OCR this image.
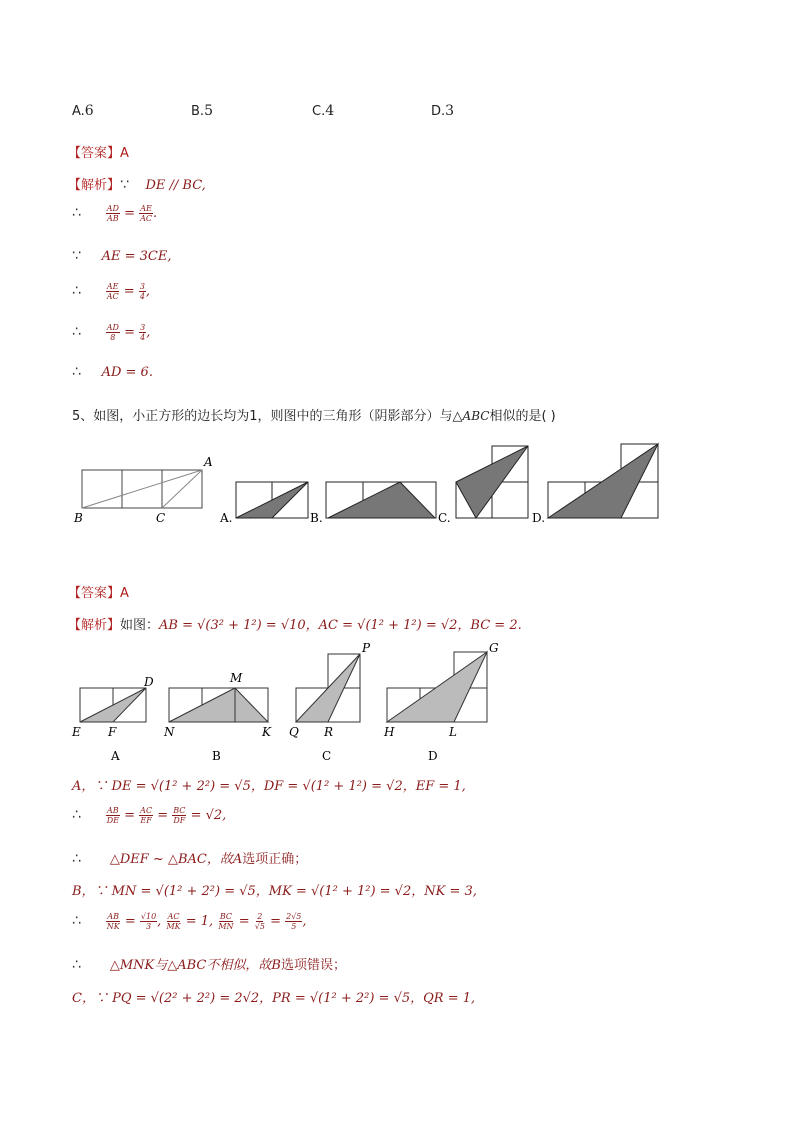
A.6	B.5	C.4	D.3
【答案】A
【解析】∵ DE // BC,
∴	$\frac{AD}{AB} = \frac{AE}{AC}$ .
∵ AE = 3CE,
∴	$\frac{AE}{AC} = \frac{3}{4}$ ,
∴	$\frac{AD}{8} = \frac{3}{4}$ ,
∴ AD = 6.
5、如图，小正方形的边长均为1，则图中的三角形（阴影部分）与△ABC相似的是( )
A
B	C	A.	B.	C.	D.
【答案】A
【解析】如图：AB = √(3² + 1²) = √10，AC = √(1² + 1²) = √2，BC = 2.
D
E F
A
M
N	K
B
P
Q R
C
G
H	L
D
A，∵ DE = √(1² + 2²) = √5，DF = √(1² + 1²) = √2，EF = 1,
∴	$\frac{AB}{DE} = \frac{AC}{EF} = \frac{BC}{DF} = √2$,
∴ △DEF ~ △BAC，故A选项正确；
B，∵ MN = √(1² + 2²) = √5，MK = √(1² + 1²) = √2，NK = 3,
∴	$\frac{AB}{NK} = \frac{√10}{3}$ , $\frac{AC}{MK} = 1$, $\frac{BC}{MN} = \frac{2}{√5} = \frac{2√5}{5}$ ,
∴ △MNK与△ABC不相似，故B选项错误；
C，∵ PQ = √(2² + 2²) = 2√2，PR = √(1² + 2²) = √5，QR = 1,
